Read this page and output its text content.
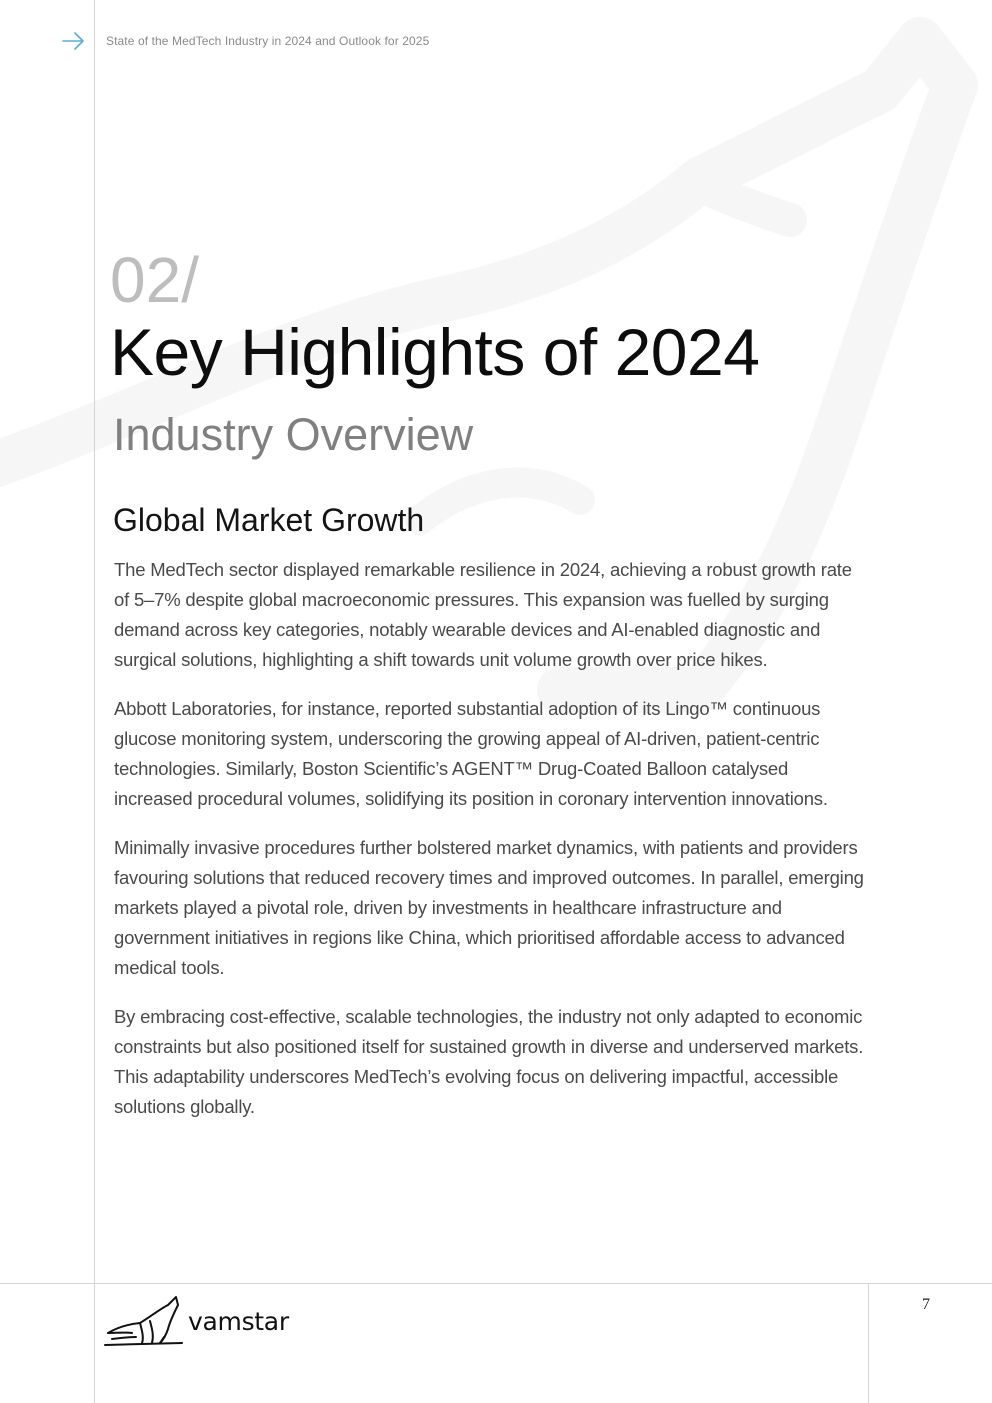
State of the MedTech Industry in 2024 and Outlook for 2025
02/
Key Highlights of 2024
Industry Overview
Global Market Growth

The MedTech sector displayed remarkable resilience in 2024, achieving a robust growth rate of 5–7% despite global macroeconomic pressures. This expansion was fuelled by surging demand across key categories, notably wearable devices and AI-enabled diagnostic and surgical solutions, highlighting a shift towards unit volume growth over price hikes.

Abbott Laboratories, for instance, reported substantial adoption of its Lingo™ continuous glucose monitoring system, underscoring the growing appeal of AI-driven, patient-centric technologies. Similarly, Boston Scientific’s AGENT™ Drug-Coated Balloon catalysed increased procedural volumes, solidifying its position in coronary intervention innovations.

Minimally invasive procedures further bolstered market dynamics, with patients and providers favouring solutions that reduced recovery times and improved outcomes. In parallel, emerging markets played a pivotal role, driven by investments in healthcare infrastructure and government initiatives in regions like China, which prioritised affordable access to advanced medical tools.

By embracing cost-effective, scalable technologies, the industry not only adapted to economic constraints but also positioned itself for sustained growth in diverse and underserved markets. This adaptability underscores MedTech’s evolving focus on delivering impactful, accessible solutions globally.

vamstar
7
